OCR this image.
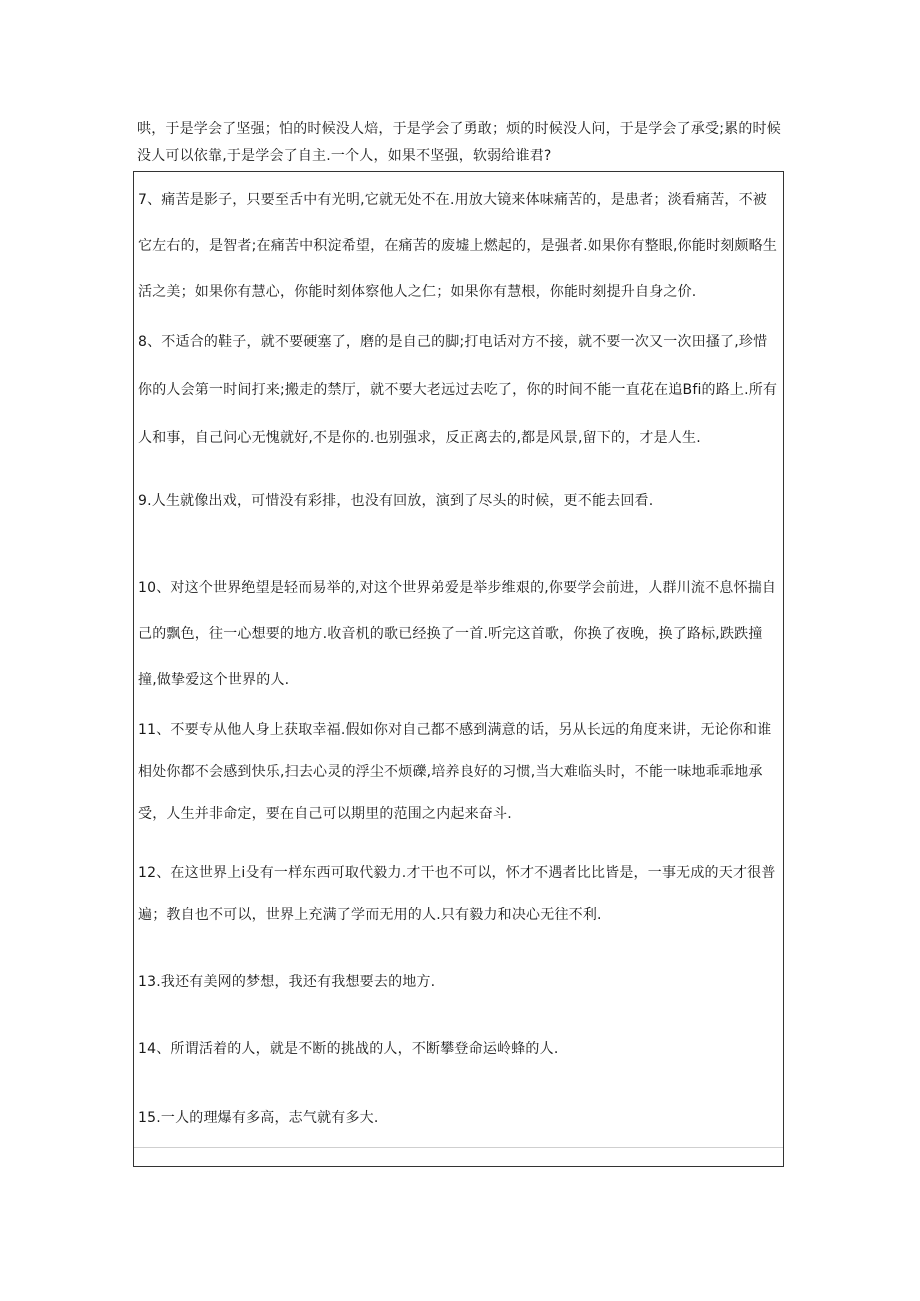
哄，于是学会了坚强；怕的时候没人焙，于是学会了勇敢；烦的时候没人问，于是学会了承受;累的时候没人可以依靠,于是学会了自主.一个人，如果不坚强，软弱给谁君?

7、痛苦是影子，只要至舌中有光明,它就无处不在.用放大镜来体味痛苦的，是患者；淡看痛苦，不被它左右的，是智者;在痛苦中积淀希望，在痛苦的废墟上燃起的，是强者.如果你有整眼,你能时刻颇略生活之美；如果你有慧心，你能时刻体察他人之仁；如果你有慧根，你能时刻提升自身之价.

8、不适合的鞋子，就不要硬塞了，磨的是自己的脚;打电话对方不接，就不要一次又一次田搔了,珍惜你的人会第一时间打来;搬走的禁厅，就不要大老远过去吃了，你的时间不能一直花在追Bfi的路上.所有人和事，自己问心无愧就好,不是你的.也别强求，反正离去的,都是风景,留下的，才是人生.

9.人生就像出戏，可惜没有彩排，也没有回放，演到了尽头的时候，更不能去回看.

10、对这个世界绝望是轻而易举的,对这个世界弟爱是举步维艰的,你要学会前进，人群川流不息怀揣自己的飘色，往一心想要的地方.收音机的歌已经换了一首.听完这首歌，你换了夜晚，换了路标,跌跌撞撞,做挚爱这个世界的人.

11、不要专从他人身上获取幸福.假如你对自己都不感到满意的话，另从长远的角度来讲，无论你和谁相处你都不会感到快乐,扫去心灵的浮尘不烦礫,培养良好的习惯,当大难临头时，不能一味地乖乖地承受，人生并非命定，要在自己可以期里的范围之内起来奋斗.

12、在这世界上i殳有一样东西可取代毅力.才干也不可以，怀才不遇者比比皆是，一事无成的天才很普遍；教自也不可以，世界上充满了学而无用的人.只有毅力和决心无往不利.

13.我还有美网的梦想，我还有我想要去的地方.

14、所谓活着的人，就是不断的挑战的人，不断攀登命运岭蜂的人.

15.一人的理爆有多高，志气就有多大.
